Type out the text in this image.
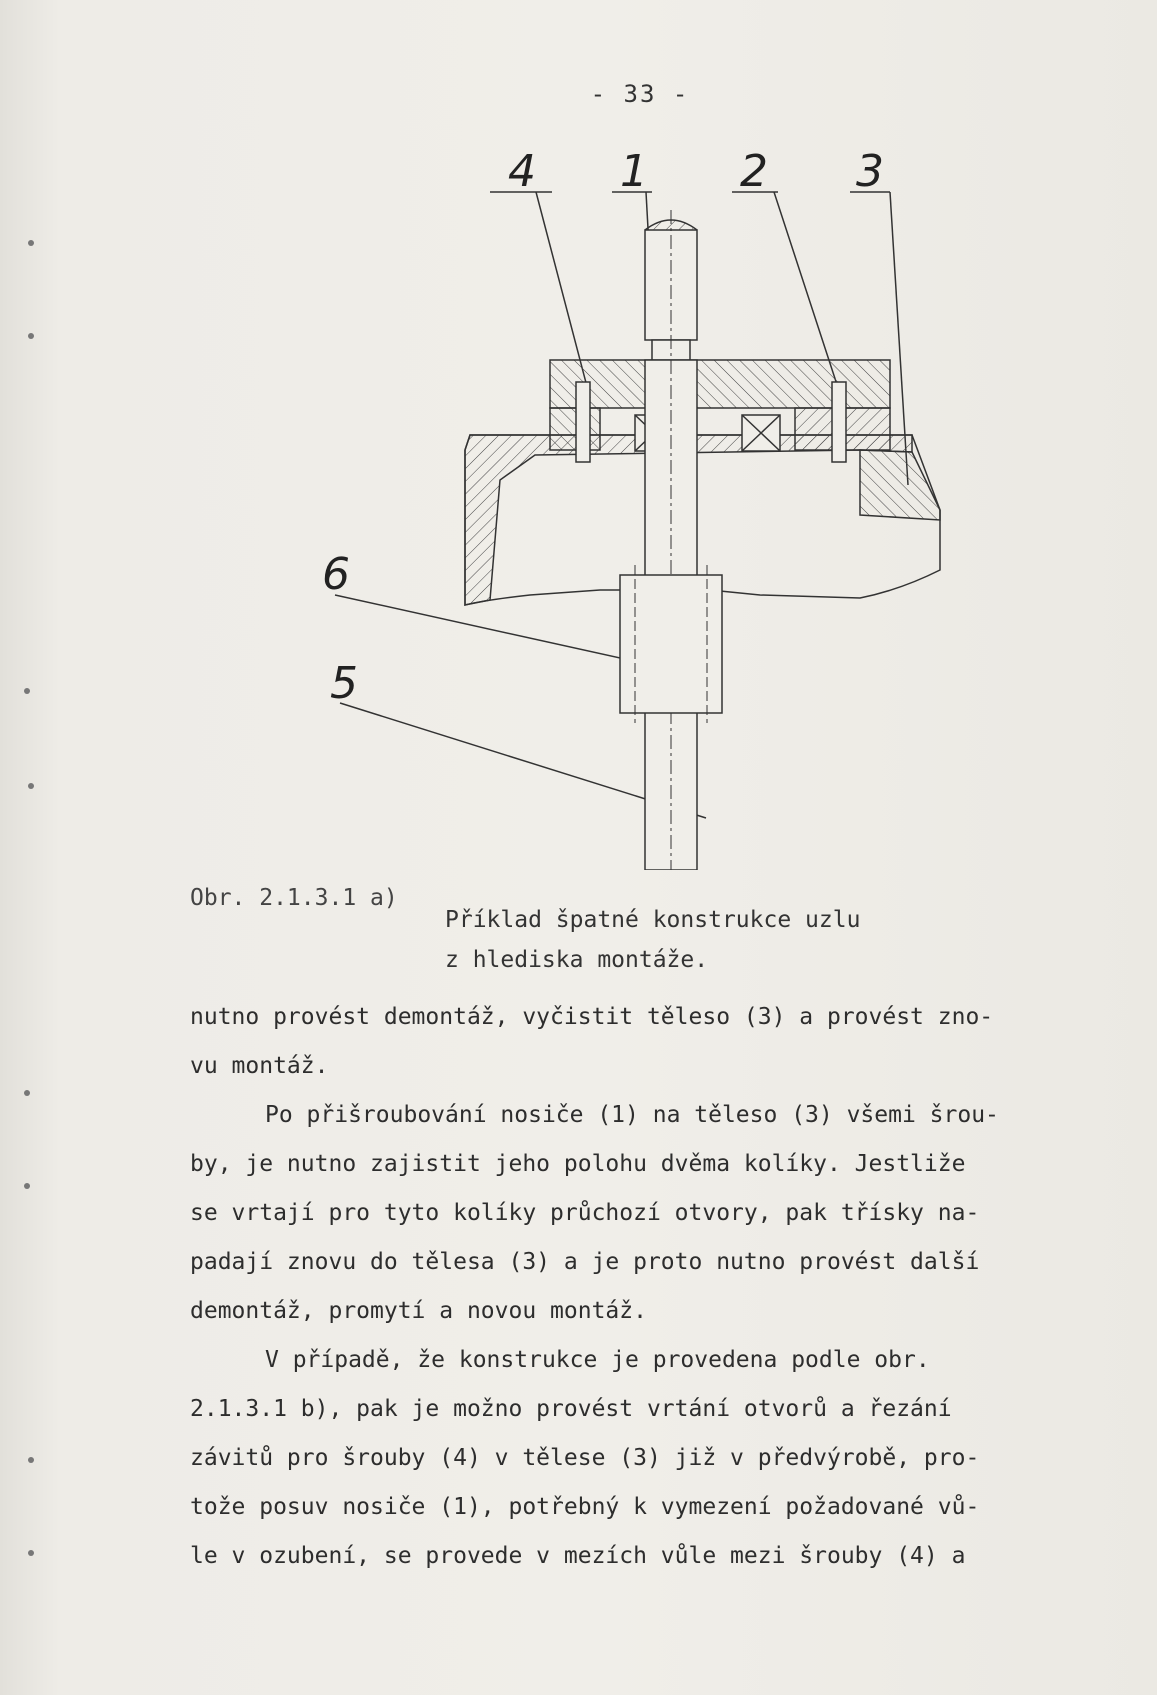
- 33 -
4 1 2 3
6
5
Obr. 2.1.3.1 a)
Příklad špatné konstrukce uzlu
z hlediska montáže.
nutno provést demontáž, vyčistit těleso (3) a provést zno-
vu montáž.
Po přišroubování nosiče (1) na těleso (3) všemi šrou-
by, je nutno zajistit jeho polohu dvěma kolíky. Jestliže
se vrtají pro tyto kolíky průchozí otvory, pak třísky na-
padají znovu do tělesa (3) a je proto nutno provést další
demontáž, promytí a novou montáž.
V případě, že konstrukce je provedena podle obr.
2.1.3.1 b), pak je možno provést vrtání otvorů a řezání
závitů pro šrouby (4) v tělese (3) již v předvýrobě, pro-
tože posuv nosiče (1), potřebný k vymezení požadované vů-
le v ozubení, se provede v mezích vůle mezi šrouby (4) a
